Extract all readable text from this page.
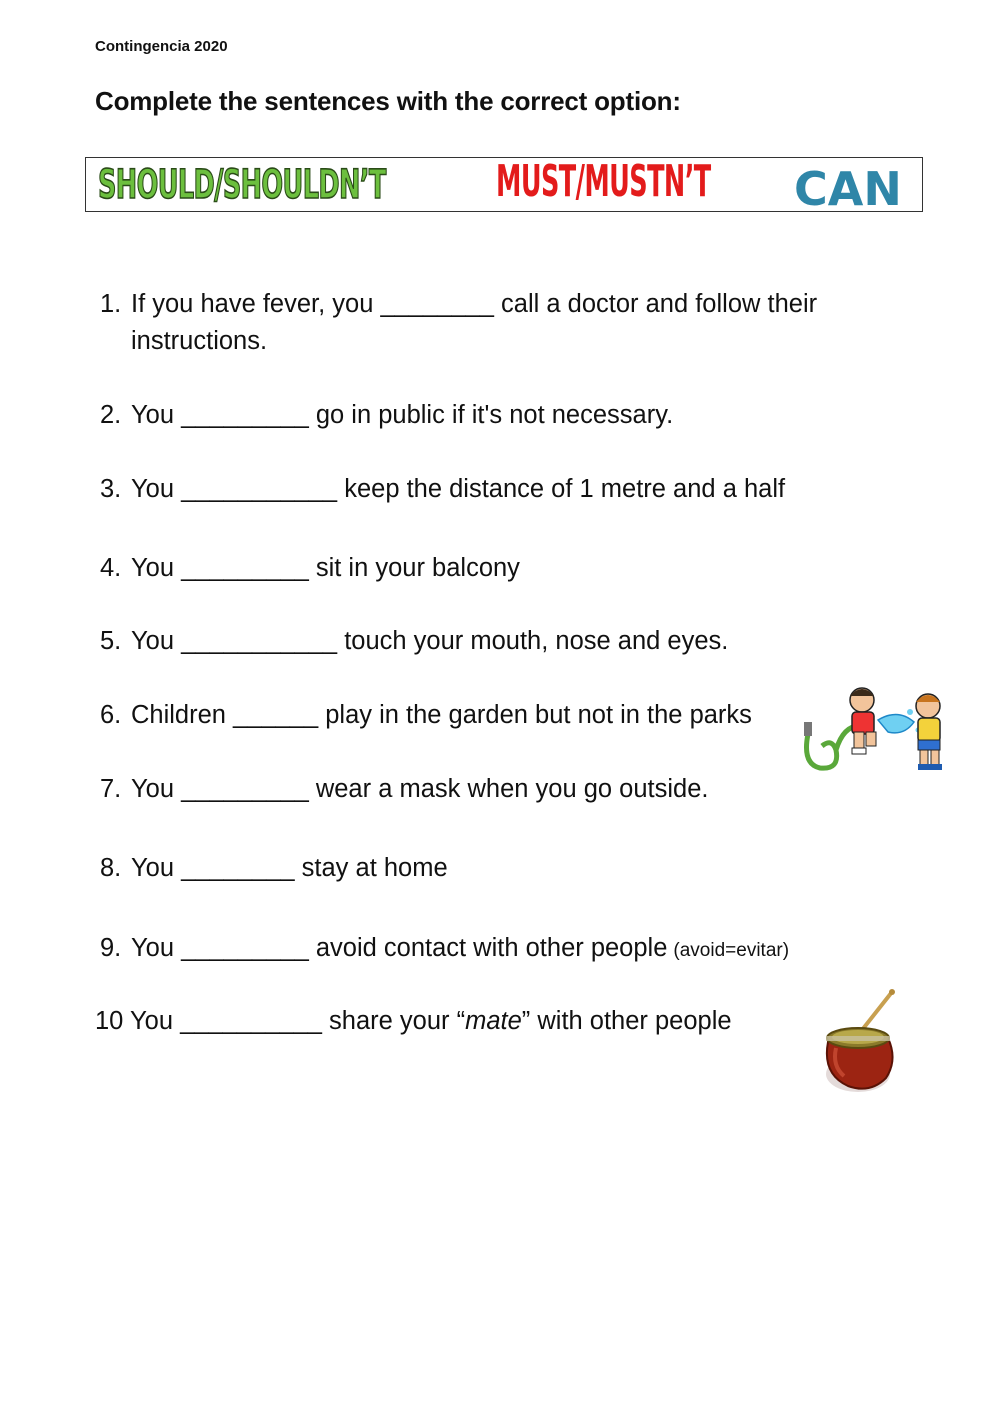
Contingencia 2020
Complete the sentences with the correct option:
SHOULD/SHOULDN’T	MUST/MUSTN’T CAN
1. If you have fever, you ________ call a doctor and follow their instructions.
2. You _________ go in public if it's not necessary.
3. You ___________ keep the distance of 1 metre and a half
4. You _________ sit in your balcony
5. You ___________ touch your mouth, nose and eyes.
6. Children ______ play in the garden but not in the parks
7. You _________ wear a mask when you go outside.
8. You ________ stay at home
9. You _________ avoid contact with other people (avoid=evitar)
10 You __________ share your “mate” with other people
